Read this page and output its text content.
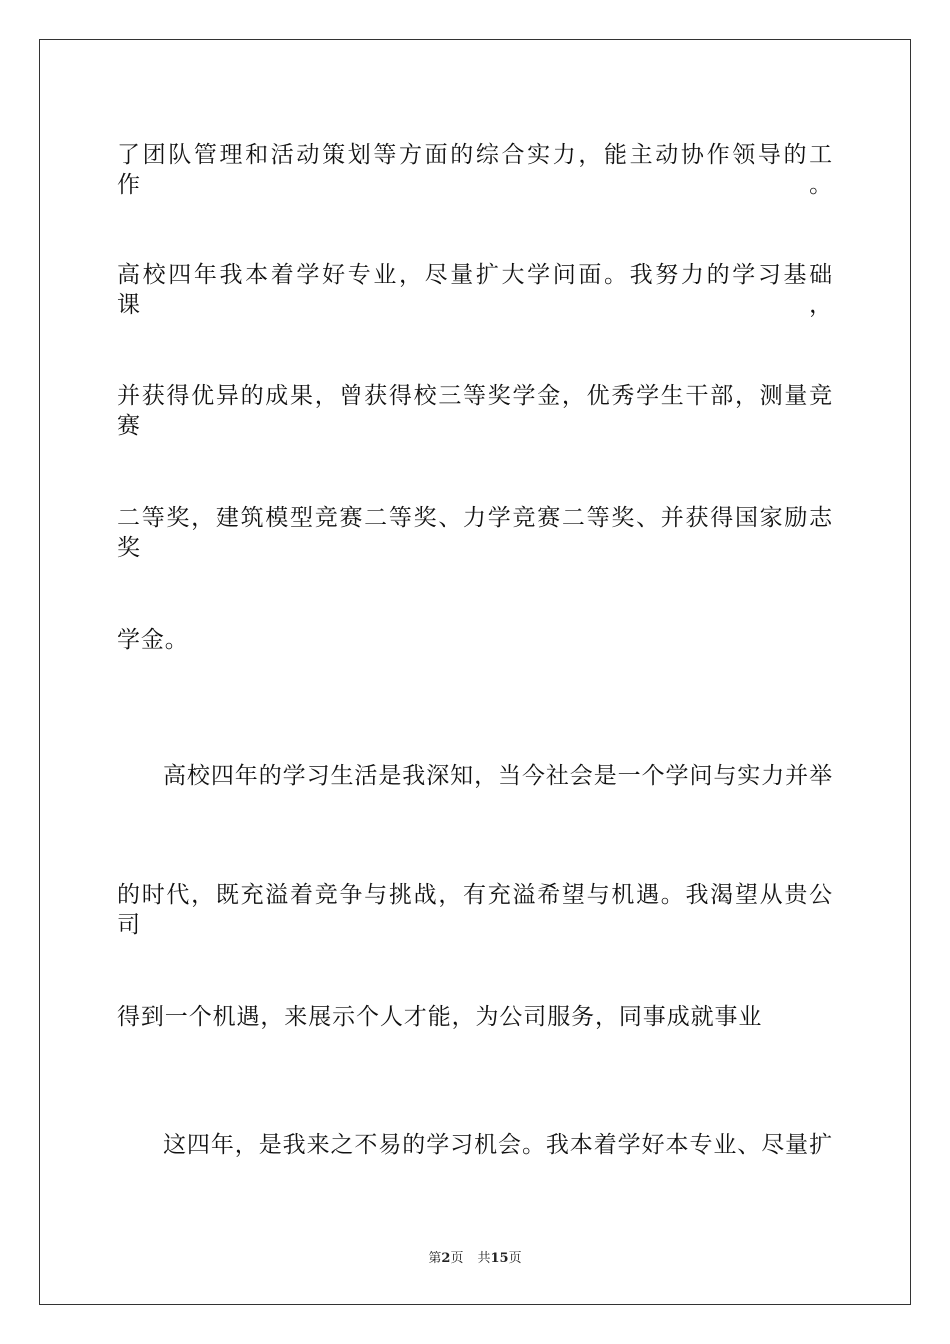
了团队管理和活动策划等方面的综合实力，能主动协作领导的工作。
高校四年我本着学好专业，尽量扩大学问面。我努力的学习基础课，
并获得优异的成果，曾获得校三等奖学金，优秀学生干部，测量竞赛
二等奖，建筑模型竞赛二等奖、力学竞赛二等奖、并获得国家励志奖
学金。
高校四年的学习生活是我深知，当今社会是一个学问与实力并举
的时代，既充溢着竞争与挑战，有充溢希望与机遇。我渴望从贵公司
得到一个机遇，来展示个人才能，为公司服务，同事成就事业
这四年，是我来之不易的学习机会。我本着学好本专业、尽量扩
第2页 共15页
